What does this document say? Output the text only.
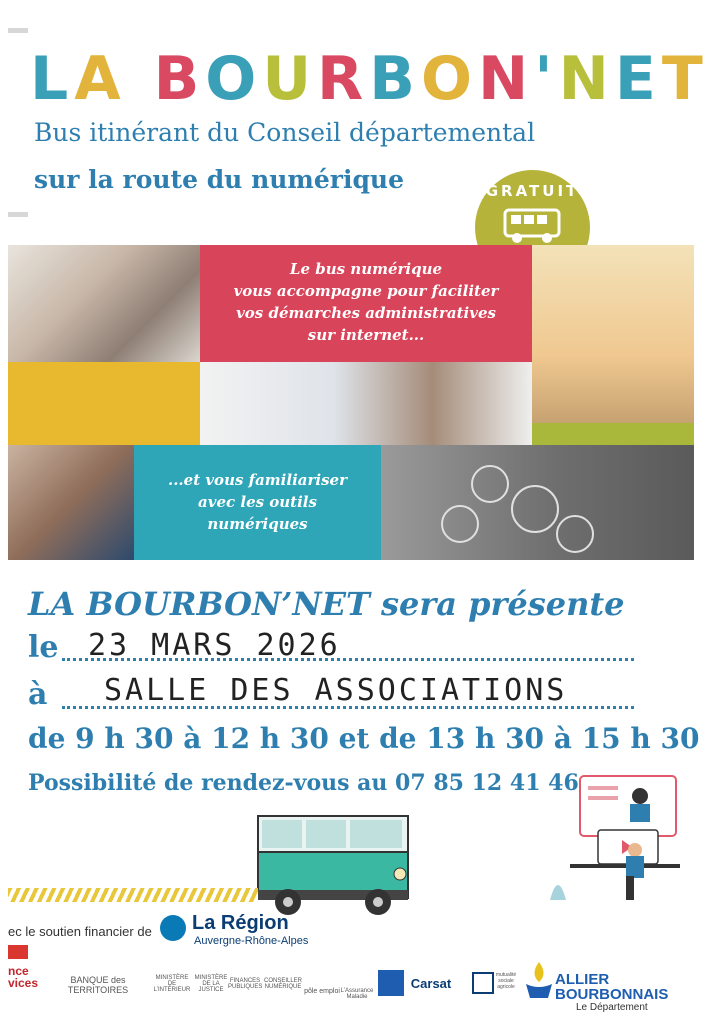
L A
B O U R B O N ' N E T
Bus itinérant du Conseil départemental
sur la route du numérique	GRATUIT
Le bus numérique
vous accompagne pour faciliter
vos démarches administratives
sur internet...
...et vous familiariser
avec les outils
numériques
LA BOURBON’NET sera présente
le 23 MARS 2026
à SALLE DES ASSOCIATIONS
de 9 h 30 à 12 h 30 et de 13 h 30 à 15 h 30
Possibilité de rendez-vous au 07 85 12 41 46
ec le soutien financier de La Région
Auvergne-Rhône-Alpes
nce
vices	BANQUE des TERRITOIRES
MINISTÈRE DE L’INTÉRIEUR
MINISTÈRE DE LA JUSTICE
FINANCES PUBLIQUES
CONSEILLER NUMÉRIQUE
pôle emploi L’Assurance Maladie
Carsat
mutualité sociale agricole	ALLIER
BOURBONNAIS
Le Département
